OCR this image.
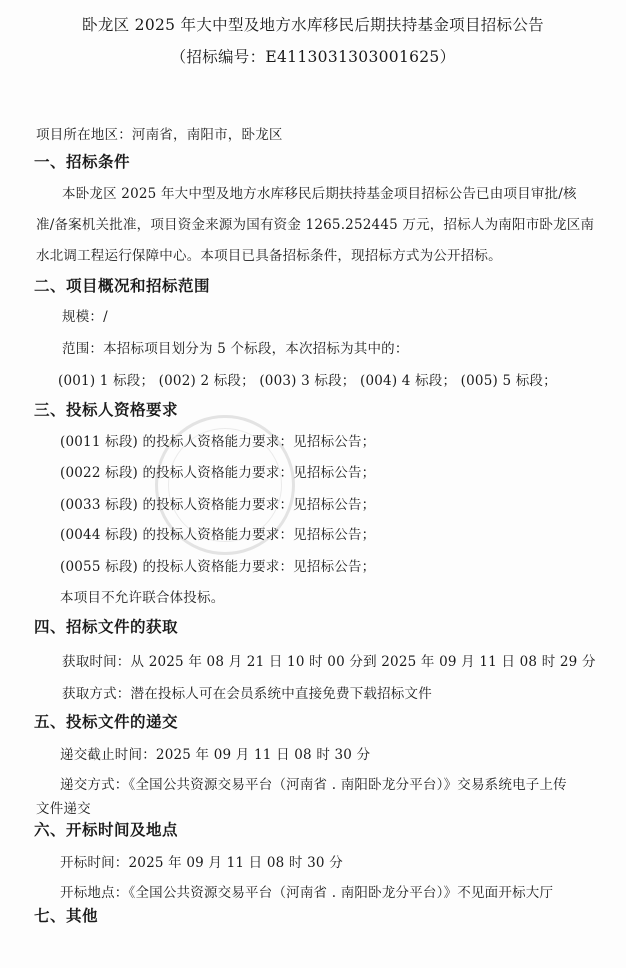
卧龙区 2025 年大中型及地方水库移民后期扶持基金项目招标公告
（招标编号：E4113031303001625）
项目所在地区：河南省，南阳市，卧龙区
一、招标条件
本卧龙区 2025 年大中型及地方水库移民后期扶持基金项目招标公告已由项目审批/核
准/备案机关批准，项目资金来源为国有资金 1265.252445 万元，招标人为南阳市卧龙区南
水北调工程运行保障中心。本项目已具备招标条件，现招标方式为公开招标。
二、项目概况和招标范围
规模：/
范围：本招标项目划分为 5 个标段，本次招标为其中的：
(001) 1 标段； (002) 2 标段； (003) 3 标段； (004) 4 标段； (005) 5 标段；
三、投标人资格要求
(0011 标段) 的投标人资格能力要求：见招标公告；
(0022 标段) 的投标人资格能力要求：见招标公告；
(0033 标段) 的投标人资格能力要求：见招标公告；
(0044 标段) 的投标人资格能力要求：见招标公告；
(0055 标段) 的投标人资格能力要求：见招标公告；
本项目不允许联合体投标。
四、招标文件的获取
获取时间：从 2025 年 08 月 21 日 10 时 00 分到 2025 年 09 月 11 日 08 时 29 分
获取方式：潜在投标人可在会员系统中直接免费下载招标文件
五、投标文件的递交
递交截止时间：2025 年 09 月 11 日 08 时 30 分
递交方式：《全国公共资源交易平台（河南省 . 南阳卧龙分平台）》交易系统电子上传
文件递交
六、开标时间及地点
开标时间：2025 年 09 月 11 日 08 时 30 分
开标地点：《全国公共资源交易平台（河南省 . 南阳卧龙分平台）》不见面开标大厅
七、其他
